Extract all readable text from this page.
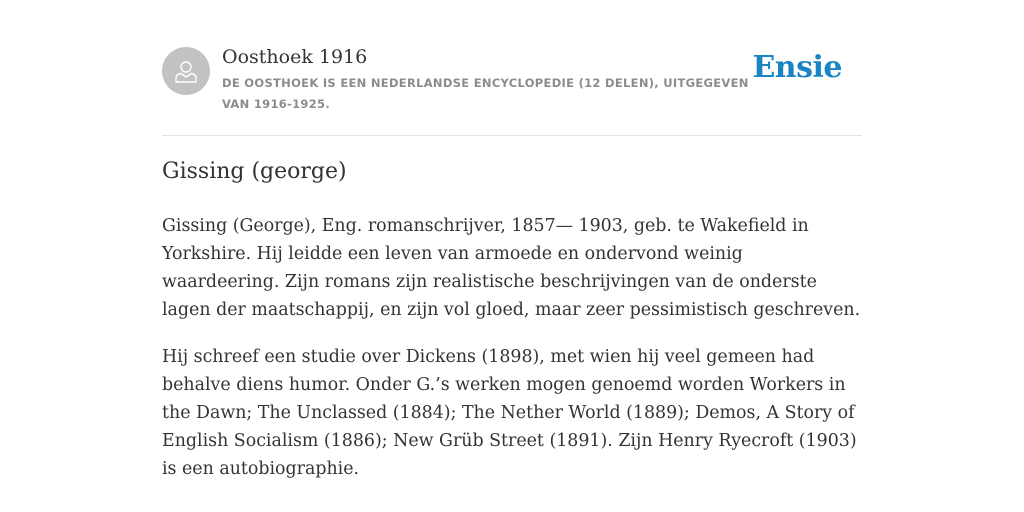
Oosthoek 1916
DE OOSTHOEK IS EEN NEDERLANDSE ENCYCLOPEDIE (12 DELEN), UITGEGEVEN VAN 1916-1925.
Ensie
Gissing (george)

Gissing (George), Eng. romanschrijver, 1857— 1903, geb. te Wakefield in Yorkshire. Hij leidde een leven van armoede en ondervond weinig waardeering. Zijn romans zijn realistische beschrijvingen van de onderste lagen der maatschappij, en zijn vol gloed, maar zeer pessimistisch geschreven.

Hij schreef een studie over Dickens (1898), met wien hij veel gemeen had behalve diens humor. Onder G.’s werken mogen genoemd worden Workers in the Dawn; The Unclassed (1884); The Nether World (1889); Demos, A Story of English Socialism (1886); New Grüb Street (1891). Zijn Henry Ryecroft (1903) is een autobiographie.
